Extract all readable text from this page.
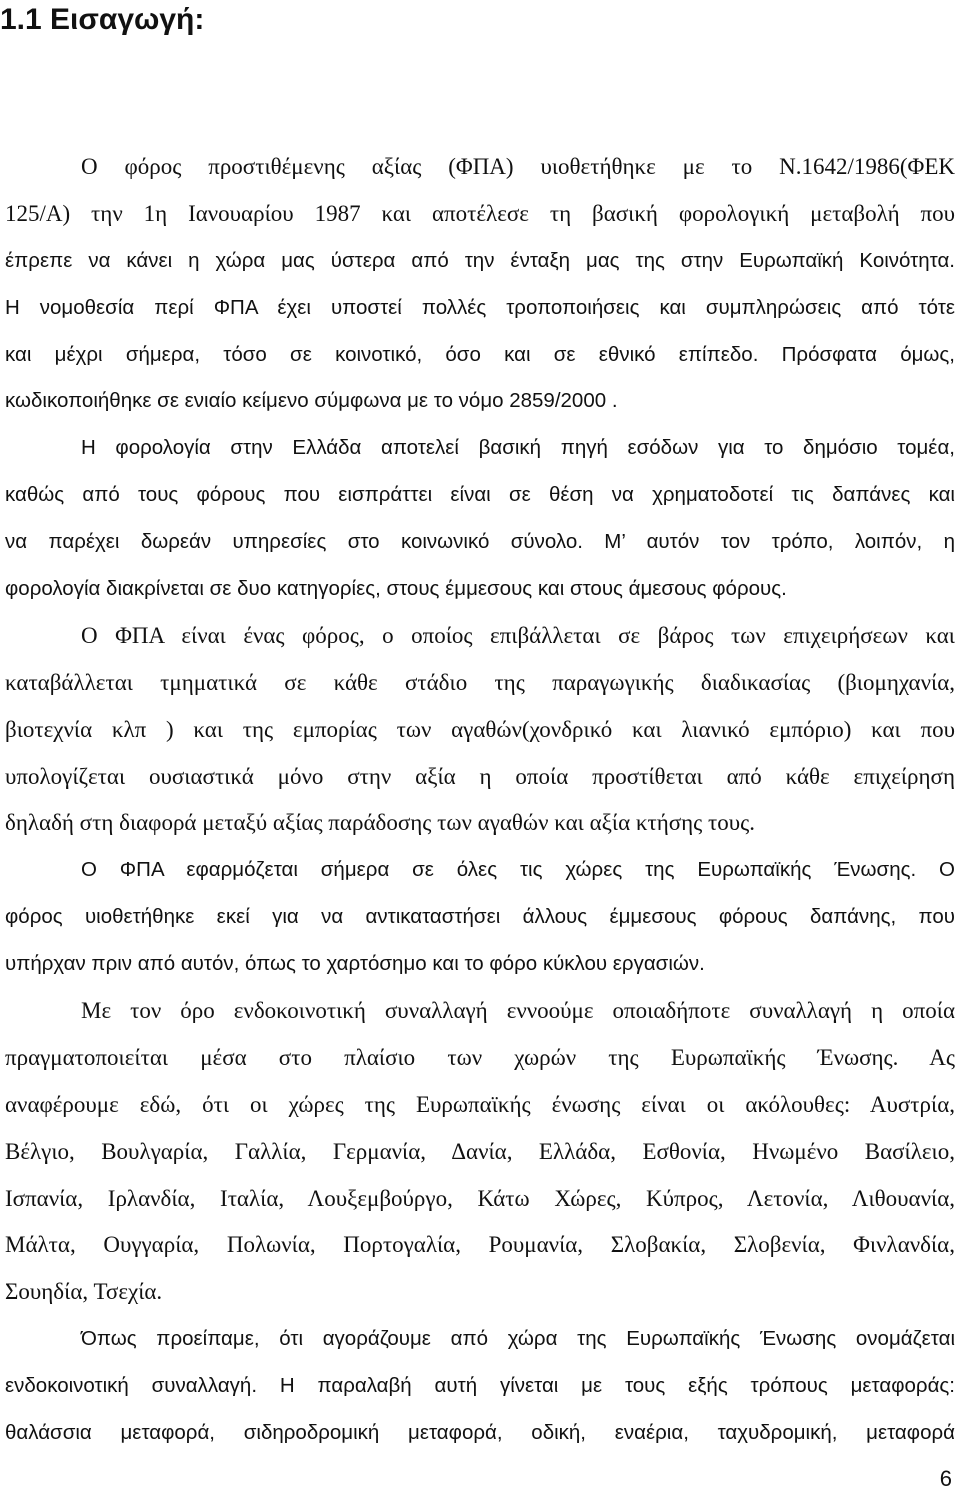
1.1 Εισαγωγή:
Ο φόρος προστιθέμενης αξίας (ΦΠΑ) υιοθετήθηκε με το Ν.1642/1986(ΦΕΚ
125/Α) την 1η Ιανουαρίου 1987 και αποτέλεσε τη βασική φορολογική μεταβολή που
έπρεπε να κάνει η χώρα μας ύστερα από την ένταξη μας της στην Ευρωπαϊκή Κοινότητα.
Η νομοθεσία περί ΦΠΑ έχει υποστεί πολλές τροποποιήσεις και συμπληρώσεις από τότε
και μέχρι σήμερα, τόσο σε κοινοτικό, όσο και σε εθνικό επίπεδο. Πρόσφατα όμως,
κωδικοποιήθηκε σε ενιαίο κείμενο σύμφωνα με το νόμο 2859/2000 .
Η φορολογία στην Ελλάδα αποτελεί βασική πηγή εσόδων για το δημόσιο τομέα,
καθώς από τους φόρους που εισπράττει είναι σε θέση να χρηματοδοτεί τις δαπάνες και
να παρέχει δωρεάν υπηρεσίες στο κοινωνικό σύνολο. Μ’ αυτόν τον τρόπο, λοιπόν, η
φορολογία διακρίνεται σε δυο κατηγορίες, στους έμμεσους και στους άμεσους φόρους.
Ο ΦΠΑ είναι ένας φόρος, ο οποίος επιβάλλεται σε βάρος των επιχειρήσεων και
καταβάλλεται τμηματικά σε κάθε στάδιο της παραγωγικής διαδικασίας (βιομηχανία,
βιοτεχνία κλπ ) και της εμπορίας των αγαθών(χονδρικό και λιανικό εμπόριο) και που
υπολογίζεται ουσιαστικά μόνο στην αξία η οποία προστίθεται από κάθε επιχείρηση
δηλαδή στη διαφορά μεταξύ αξίας παράδοσης των αγαθών και αξία κτήσης τους.
Ο ΦΠΑ εφαρμόζεται σήμερα σε όλες τις χώρες της Ευρωπαϊκής Ένωσης. Ο
φόρος υιοθετήθηκε εκεί για να αντικαταστήσει άλλους έμμεσους φόρους δαπάνης, που
υπήρχαν πριν από αυτόν, όπως το χαρτόσημο και το φόρο κύκλου εργασιών.
Με τον όρο ενδοκοινοτική συναλλαγή εννοούμε οποιαδήποτε συναλλαγή η οποία
πραγματοποιείται μέσα στο πλαίσιο των χωρών της Ευρωπαϊκής Ένωσης. Ας
αναφέρουμε εδώ, ότι οι χώρες της Ευρωπαϊκής ένωσης είναι οι ακόλουθες: Αυστρία,
Βέλγιο, Βουλγαρία, Γαλλία, Γερμανία, Δανία, Ελλάδα, Εσθονία, Ηνωμένο Βασίλειο,
Ισπανία, Ιρλανδία, Ιταλία, Λουξεμβούργο, Κάτω Χώρες, Κύπρος, Λετονία, Λιθουανία,
Μάλτα, Ουγγαρία, Πολωνία, Πορτογαλία, Ρουμανία, Σλοβακία, Σλοβενία, Φινλανδία,
Σουηδία, Τσεχία.
Όπως προείπαμε, ότι αγοράζουμε από χώρα της Ευρωπαϊκής Ένωσης ονομάζεται
ενδοκοινοτική συναλλαγή. Η παραλαβή αυτή γίνεται με τους εξής τρόπους μεταφοράς:
θαλάσσια μεταφορά, σιδηροδρομική μεταφορά, οδική, εναέρια, ταχυδρομική, μεταφορά
6
